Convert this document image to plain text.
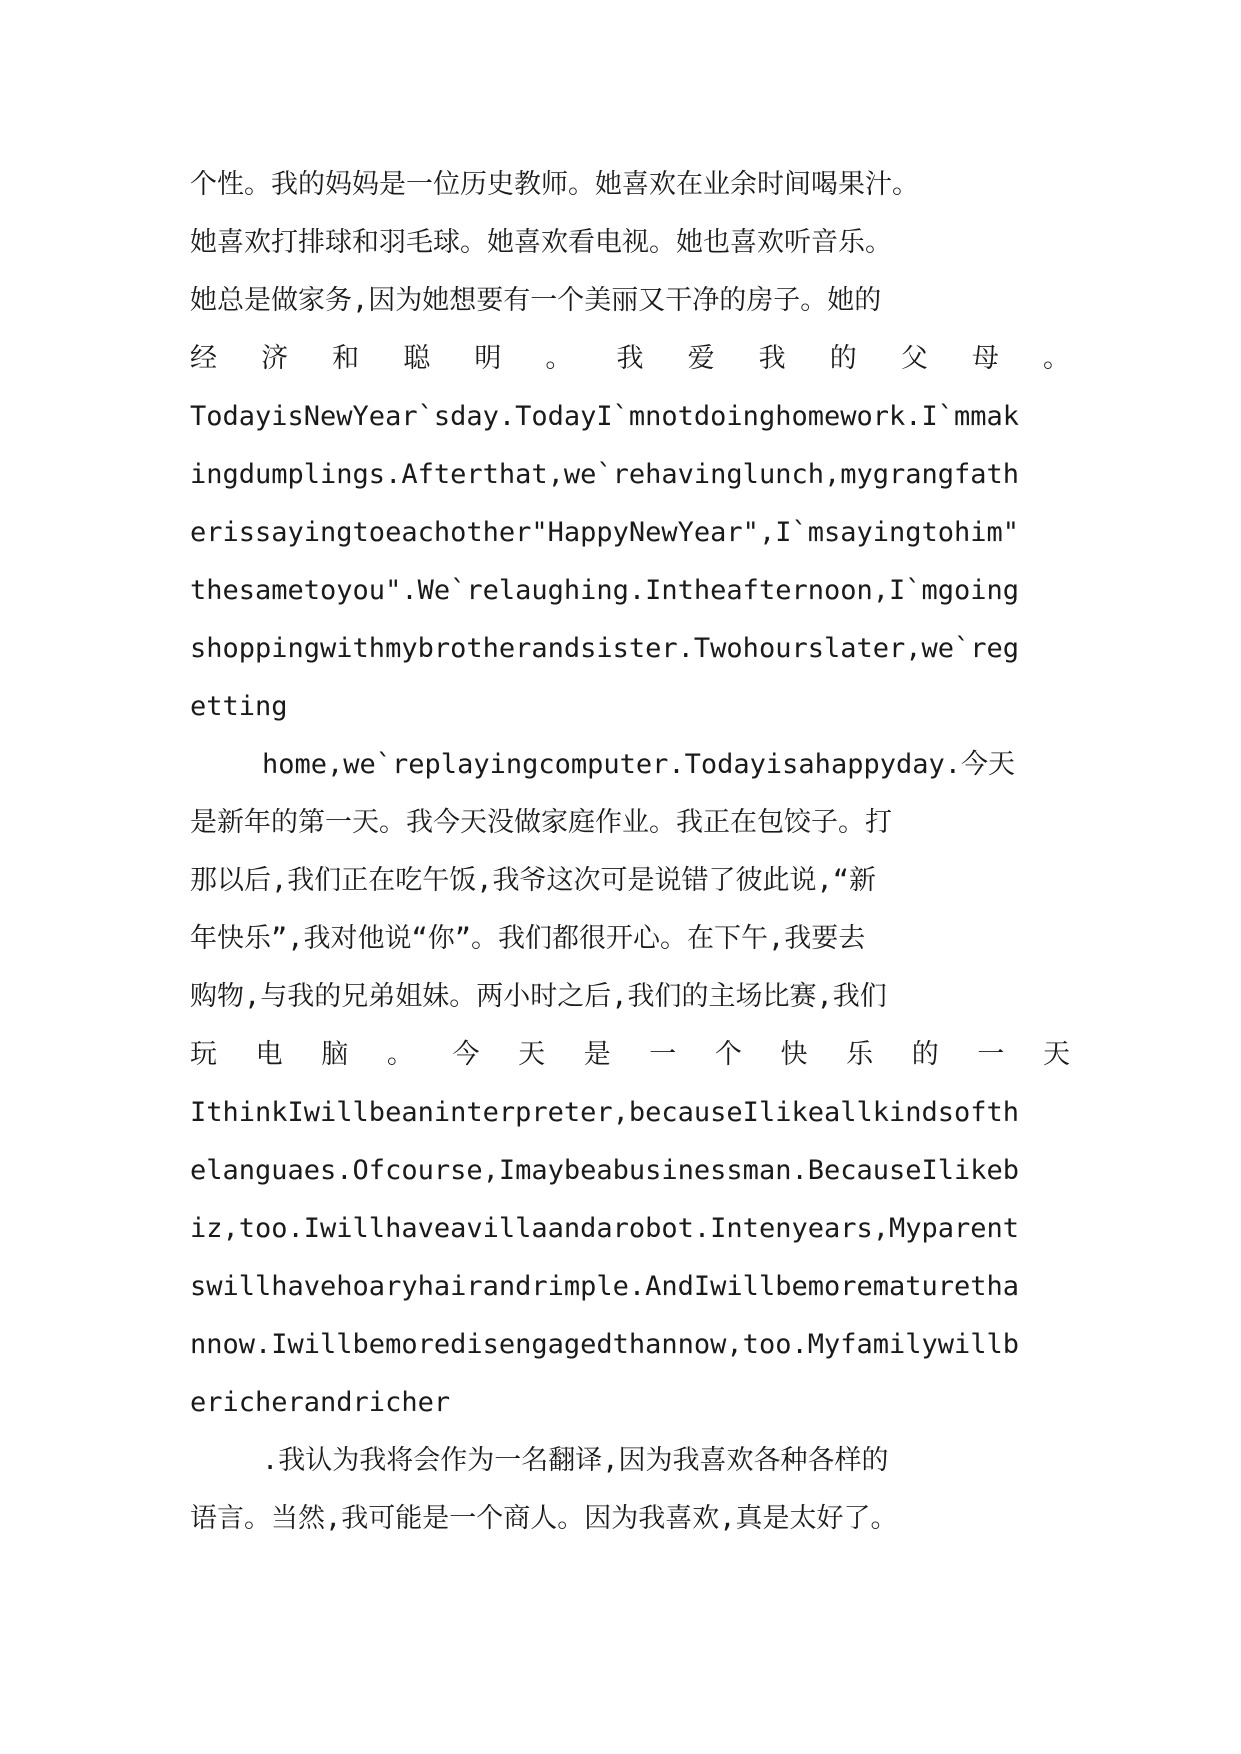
个性。我的妈妈是一位历史教师。她喜欢在业余时间喝果汁。
她喜欢打排球和羽毛球。她喜欢看电视。她也喜欢听音乐。
她总是做家务,因为她想要有一个美丽又干净的房子。她的
经 济 和 聪 明 。 我 爱 我 的 父 母 。
TodayisNewYear`sday.TodayI`mnotdoinghomework.I`mmak
ingdumplings.Afterthat,we`rehavinglunch,mygrangfath
erissayingtoeachother"HappyNewYear",I`msayingtohim"
thesametoyou".We`relaughing.Intheafternoon,I`mgoing
shoppingwithmybrotherandsister.Twohourslater,we`reg
etting
home,we`replayingcomputer.Todayisahappyday.今天
是新年的第一天。我今天没做家庭作业。我正在包饺子。打
那以后,我们正在吃午饭,我爷这次可是说错了彼此说,“新
年快乐”,我对他说“你”。我们都很开心。在下午,我要去
购物,与我的兄弟姐妹。两小时之后,我们的主场比赛,我们
玩 电 脑 。 今 天 是 一 个 快 乐 的 一 天
IthinkIwillbeaninterpreter,becauseIlikeallkindsofth
elanguaes.Ofcourse,Imaybeabusinessman.BecauseIlikeb
iz,too.Iwillhaveavillaandarobot.Intenyears,Myparent
swillhavehoaryhairandrimple.AndIwillbemorematuretha
nnow.Iwillbemoredisengagedthannow,too.Myfamilywillb
ericherandricher
.我认为我将会作为一名翻译,因为我喜欢各种各样的
语言。当然,我可能是一个商人。因为我喜欢,真是太好了。
